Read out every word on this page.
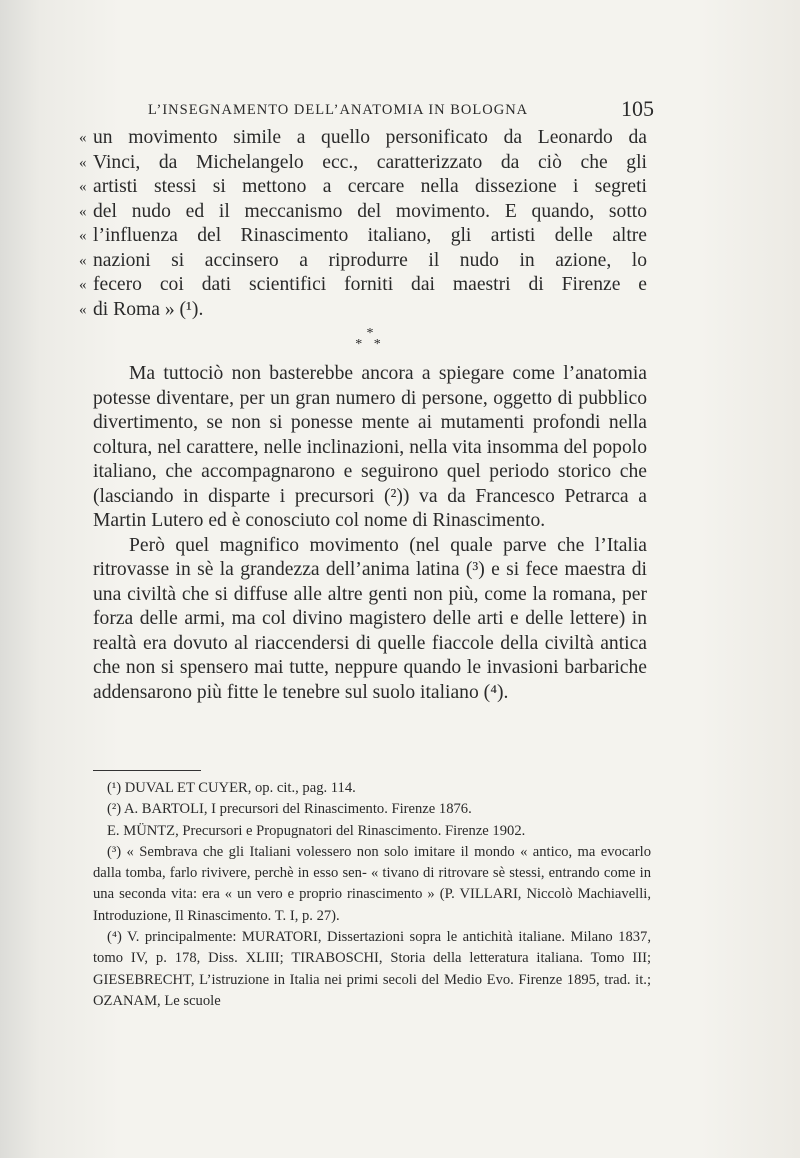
L’INSEGNAMENTO DELL’ANATOMIA IN BOLOGNA	105
« un movimento simile a quello personificato da Leonardo da
« Vinci, da Michelangelo ecc., caratterizzato da ciò che gli
« artisti stessi si mettono a cercare nella dissezione i segreti
« del nudo ed il meccanismo del movimento. E quando, sotto
« l’influenza del Rinascimento italiano, gli artisti delle altre
« nazioni si accinsero a riprodurre il nudo in azione, lo
« fecero coi dati scientifici forniti dai maestri di Firenze e
« di Roma » (¹).
*
* *

Ma tuttociò non basterebbe ancora a spiegare come l’anatomia potesse diventare, per un gran numero di persone, oggetto di pubblico divertimento, se non si ponesse mente ai mutamenti profondi nella coltura, nel carattere, nelle inclinazioni, nella vita insomma del popolo italiano, che accompagnarono e seguirono quel periodo storico che (lasciando in disparte i precursori (²)) va da Francesco Petrarca a Martin Lutero ed è conosciuto col nome di Rinascimento.

Però quel magnifico movimento (nel quale parve che l’Italia ritrovasse in sè la grandezza dell’anima latina (³) e si fece maestra di una civiltà che si diffuse alle altre genti non più, come la romana, per forza delle armi, ma col divino magistero delle arti e delle lettere) in realtà era dovuto al riaccendersi di quelle fiaccole della civiltà antica che non si spensero mai tutte, neppure quando le invasioni barbariche addensarono più fitte le tenebre sul suolo italiano (⁴).

(¹) DUVAL ET CUYER, op. cit., pag. 114.

(²) A. BARTOLI, I precursori del Rinascimento. Firenze 1876.

E. MÜNTZ, Precursori e Propugnatori del Rinascimento. Firenze 1902.

(³) « Sembrava che gli Italiani volessero non solo imitare il mondo « antico, ma evocarlo dalla tomba, farlo rivivere, perchè in esso sen- « tivano di ritrovare sè stessi, entrando come in una seconda vita: era « un vero e proprio rinascimento » (P. VILLARI, Niccolò Machiavelli, Introduzione, Il Rinascimento. T. I, p. 27).

(⁴) V. principalmente: MURATORI, Dissertazioni sopra le antichità italiane. Milano 1837, tomo IV, p. 178, Diss. XLIII; TIRABOSCHI, Storia della letteratura italiana. Tomo III; GIESEBRECHT, L’istruzione in Italia nei primi secoli del Medio Evo. Firenze 1895, trad. it.; OZANAM, Le scuole
